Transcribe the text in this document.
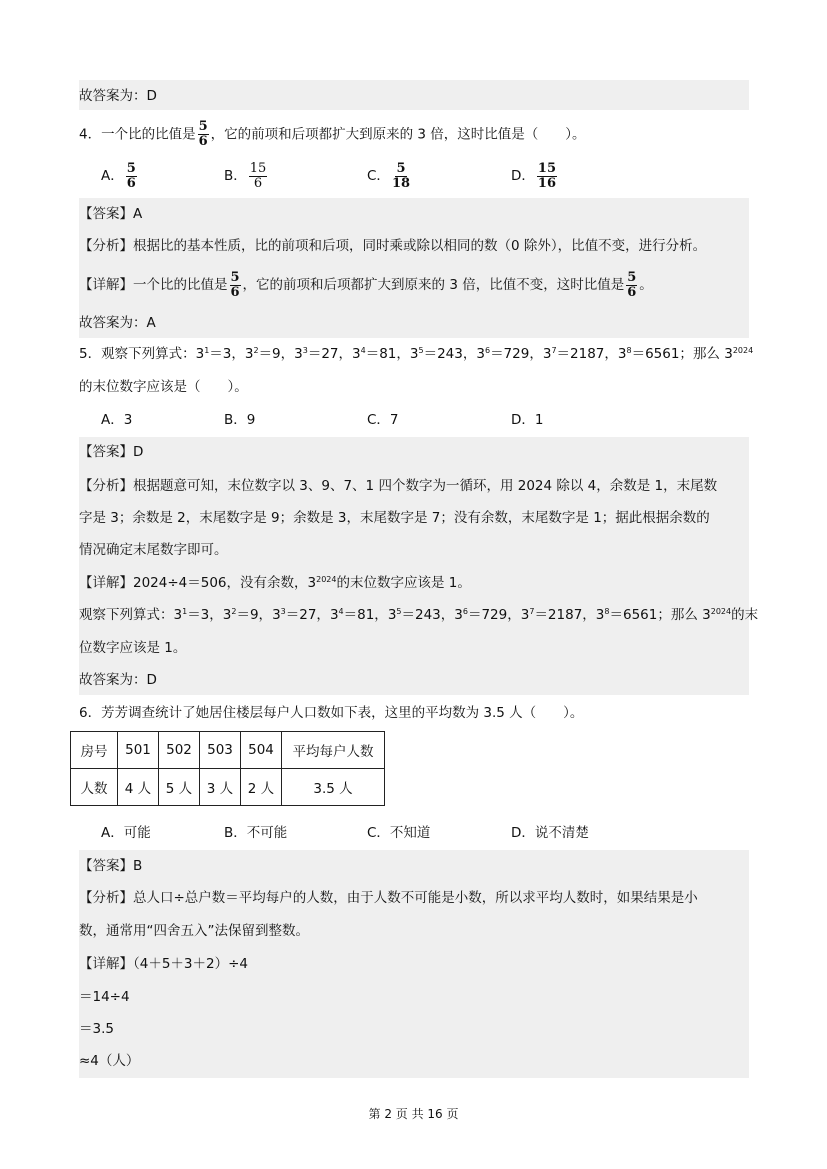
故答案为：D
4．一个比的比值是 $\frac{5}{6}$ ，它的前项和后项都扩大到原来的 3 倍，这时比值是（　　）。
A． $\frac{5}{6}$	B． $\frac{15}{6}$	C． $\frac{5}{18}$	D． $\frac{15}{16}$
【答案】A
【分析】根据比的基本性质，比的前项和后项，同时乘或除以相同的数（0 除外），比值不变，进行分析。
【详解】一个比的比值是 $\frac{5}{6}$ ，它的前项和后项都扩大到原来的 3 倍，比值不变，这时比值是 $\frac{5}{6}$ 。
故答案为：A
5．观察下列算式：$3^1=3$，$3^2=9$，$3^3=27$，$3^4=81$，$3^5=243$，$3^6=729$，$3^7=2187$，$3^8=6561$；那么 $3^{2024}$
的末位数字应该是（　　）。
A．3	B．9	C．7	D．1
【答案】D
【分析】根据题意可知，末位数字以 3、9、7、1 四个数字为一循环，用 2024 除以 4，余数是 1，末尾数
字是 3；余数是 2，末尾数字是 9；余数是 3，末尾数字是 7；没有余数，末尾数字是 1；据此根据余数的
情况确定末尾数字即可。
【详解】2024÷4＝506，没有余数，$3^{2024}$的末位数字应该是 1。
观察下列算式：$3^1=3$，$3^2=9$，$3^3=27$，$3^4=81$，$3^5=243$，$3^6=729$，$3^7=2187$，$3^8=6561$；那么 $3^{2024}$的末
位数字应该是 1。
故答案为：D
6．芳芳调查统计了她居住楼层每户人口数如下表，这里的平均数为 3.5 人（　　）。
房号	501	502	503	504	平均每户人数
人数	4 人	5 人	3 人	2 人	3.5 人
A．可能	B．不可能	C．不知道	D．说不清楚
【答案】B
【分析】总人口÷总户数＝平均每户的人数，由于人数不可能是小数，所以求平均人数时，如果结果是小
数，通常用“四舍五入”法保留到整数。
【详解】（4＋5＋3＋2）÷4
＝14÷4
＝3.5
≈4（人）
第 2 页 共 16 页
